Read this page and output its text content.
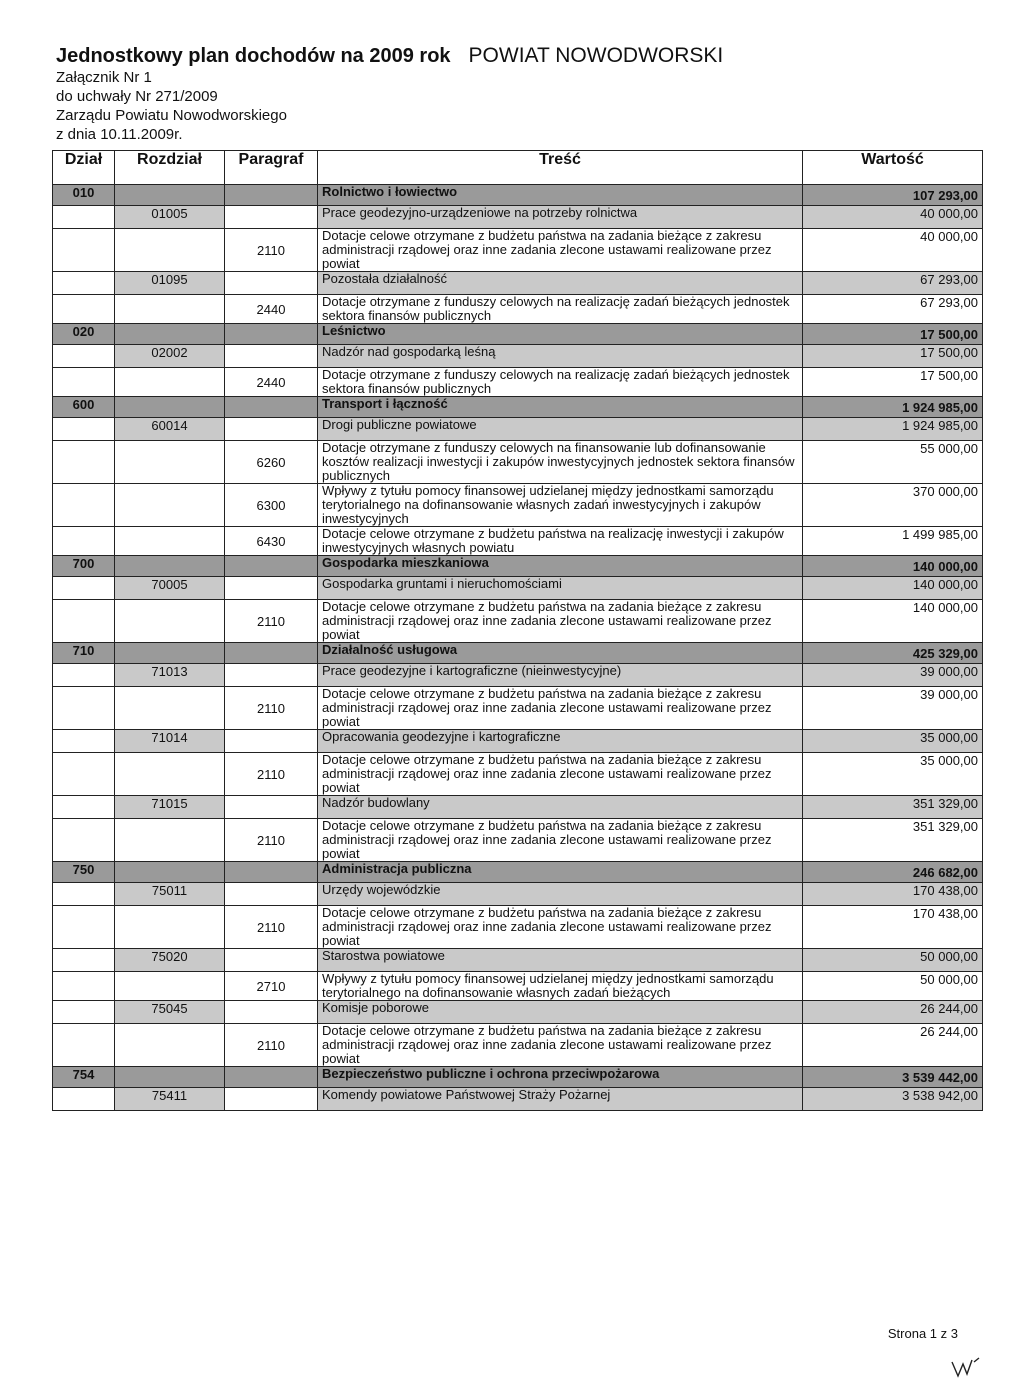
Jednostkowy plan dochodów na 2009 rok POWIAT NOWODWORSKI
Załącznik Nr 1
do uchwały Nr 271/2009
Zarządu Powiatu Nowodworskiego
z dnia 10.11.2009r.
Dział	Rozdział	Paragraf	Treść	Wartość
010			Rolnictwo i łowiectwo	107 293,00
	01005		Prace geodezyjno-urządzeniowe na potrzeby rolnictwa	40 000,00
		2110	Dotacje celowe otrzymane z budżetu państwa na zadania bieżące z zakresu administracji rządowej oraz inne zadania zlecone ustawami realizowane przez powiat	40 000,00
	01095		Pozostała działalność	67 293,00
		2440	Dotacje otrzymane z funduszy celowych na realizację zadań bieżących jednostek sektora finansów publicznych	67 293,00
020			Leśnictwo	17 500,00
	02002		Nadzór nad gospodarką leśną	17 500,00
		2440	Dotacje otrzymane z funduszy celowych na realizację zadań bieżących jednostek sektora finansów publicznych	17 500,00
600			Transport i łączność	1 924 985,00
	60014		Drogi publiczne powiatowe	1 924 985,00
		6260	Dotacje otrzymane z funduszy celowych na finansowanie lub dofinansowanie kosztów realizacji inwestycji i zakupów inwestycyjnych jednostek sektora finansów publicznych	55 000,00
		6300	Wpływy z tytułu pomocy finansowej udzielanej między jednostkami samorządu terytorialnego na dofinansowanie własnych zadań inwestycyjnych i zakupów inwestycyjnych	370 000,00
		6430	Dotacje celowe otrzymane z budżetu państwa na realizację inwestycji i zakupów inwestycyjnych własnych powiatu	1 499 985,00
700			Gospodarka mieszkaniowa	140 000,00
	70005		Gospodarka gruntami i nieruchomościami	140 000,00
		2110	Dotacje celowe otrzymane z budżetu państwa na zadania bieżące z zakresu administracji rządowej oraz inne zadania zlecone ustawami realizowane przez powiat	140 000,00
710			Działalność usługowa	425 329,00
	71013		Prace geodezyjne i kartograficzne (nieinwestycyjne)	39 000,00
		2110	Dotacje celowe otrzymane z budżetu państwa na zadania bieżące z zakresu administracji rządowej oraz inne zadania zlecone ustawami realizowane przez powiat	39 000,00
	71014		Opracowania geodezyjne i kartograficzne	35 000,00
		2110	Dotacje celowe otrzymane z budżetu państwa na zadania bieżące z zakresu administracji rządowej oraz inne zadania zlecone ustawami realizowane przez powiat	35 000,00
	71015		Nadzór budowlany	351 329,00
		2110	Dotacje celowe otrzymane z budżetu państwa na zadania bieżące z zakresu administracji rządowej oraz inne zadania zlecone ustawami realizowane przez powiat	351 329,00
750			Administracja publiczna	246 682,00
	75011		Urzędy wojewódzkie	170 438,00
		2110	Dotacje celowe otrzymane z budżetu państwa na zadania bieżące z zakresu administracji rządowej oraz inne zadania zlecone ustawami realizowane przez powiat	170 438,00
	75020		Starostwa powiatowe	50 000,00
		2710	Wpływy z tytułu pomocy finansowej udzielanej między jednostkami samorządu terytorialnego na dofinansowanie własnych zadań bieżących	50 000,00
	75045		Komisje poborowe	26 244,00
		2110	Dotacje celowe otrzymane z budżetu państwa na zadania bieżące z zakresu administracji rządowej oraz inne zadania zlecone ustawami realizowane przez powiat	26 244,00
754			Bezpieczeństwo publiczne i ochrona przeciwpożarowa	3 539 442,00
	75411		Komendy powiatowe Państwowej Straży Pożarnej	3 538 942,00
Strona 1 z 3
